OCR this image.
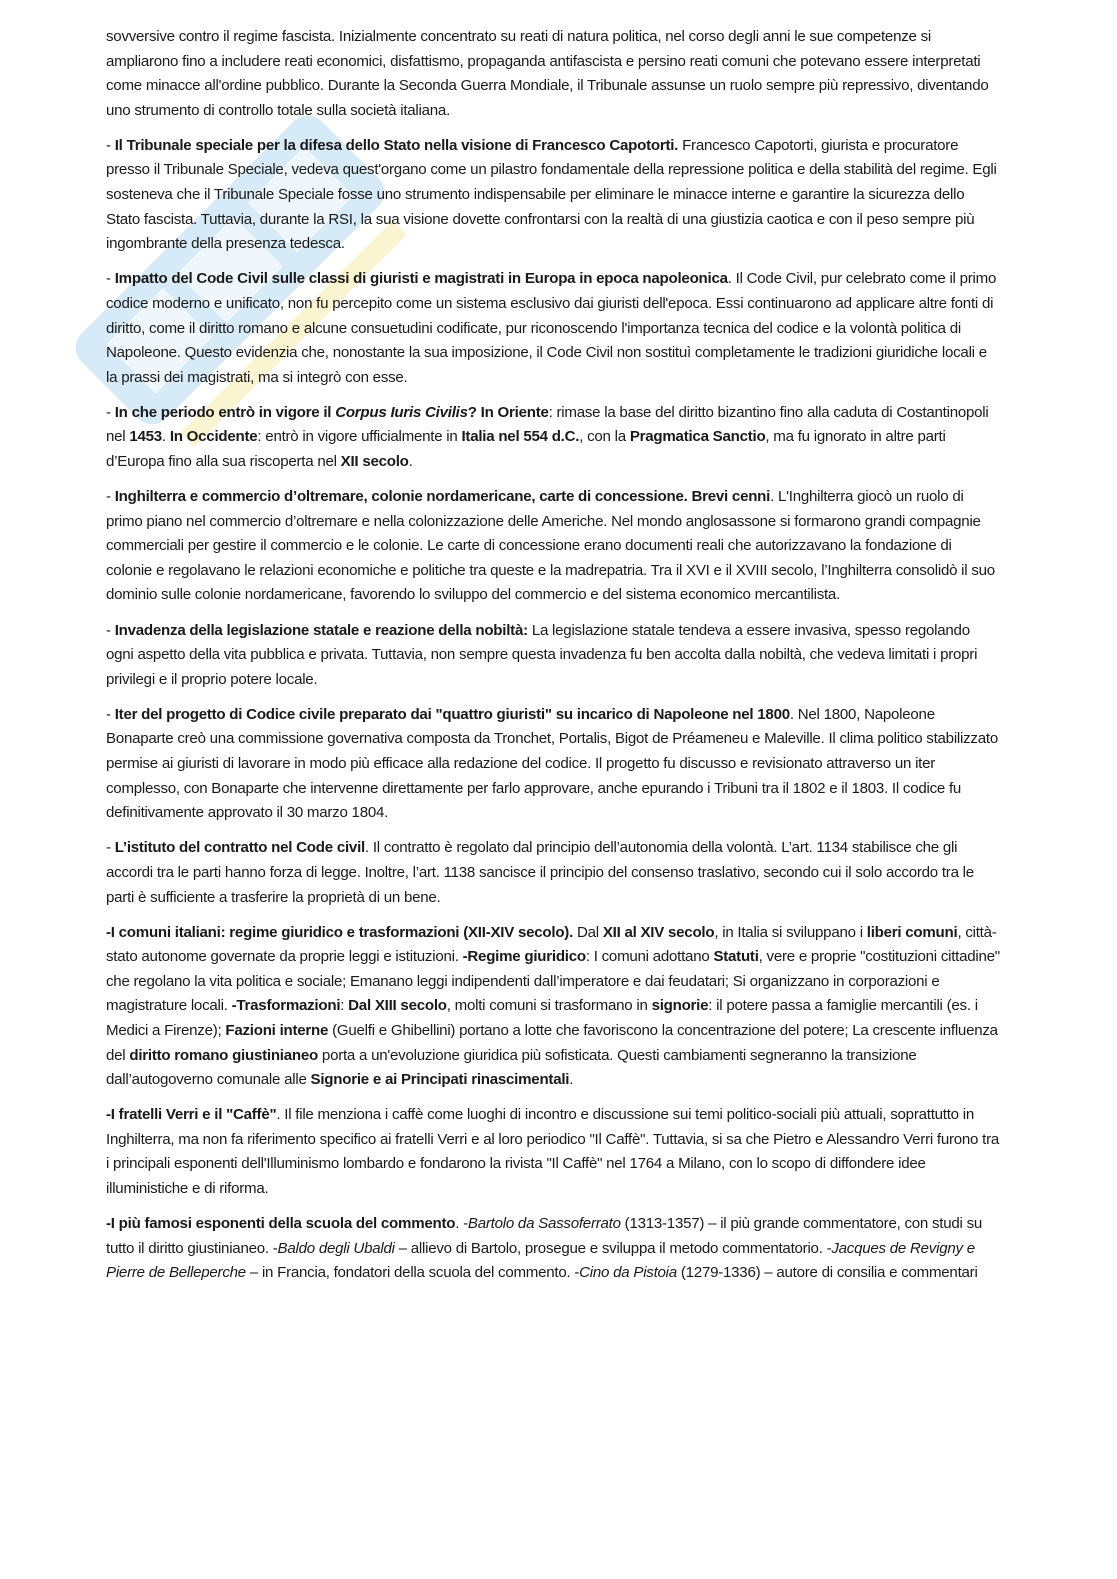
sovversive contro il regime fascista. Inizialmente concentrato su reati di natura politica, nel corso degli anni le sue competenze si ampliarono fino a includere reati economici, disfattismo, propaganda antifascista e persino reati comuni che potevano essere interpretati come minacce all'ordine pubblico. Durante la Seconda Guerra Mondiale, il Tribunale assunse un ruolo sempre più repressivo, diventando uno strumento di controllo totale sulla società italiana.

- Il Tribunale speciale per la difesa dello Stato nella visione di Francesco Capotorti. Francesco Capotorti, giurista e procuratore presso il Tribunale Speciale, vedeva quest'organo come un pilastro fondamentale della repressione politica e della stabilità del regime. Egli sosteneva che il Tribunale Speciale fosse uno strumento indispensabile per eliminare le minacce interne e garantire la sicurezza dello Stato fascista. Tuttavia, durante la RSI, la sua visione dovette confrontarsi con la realtà di una giustizia caotica e con il peso sempre più ingombrante della presenza tedesca.

- Impatto del Code Civil sulle classi di giuristi e magistrati in Europa in epoca napoleonica. Il Code Civil, pur celebrato come il primo codice moderno e unificato, non fu percepito come un sistema esclusivo dai giuristi dell'epoca. Essi continuarono ad applicare altre fonti di diritto, come il diritto romano e alcune consuetudini codificate, pur riconoscendo l'importanza tecnica del codice e la volontà politica di Napoleone. Questo evidenzia che, nonostante la sua imposizione, il Code Civil non sostituì completamente le tradizioni giuridiche locali e la prassi dei magistrati, ma si integrò con esse.

- In che periodo entrò in vigore il Corpus Iuris Civilis? In Oriente: rimase la base del diritto bizantino fino alla caduta di Costantinopoli nel 1453. In Occidente: entrò in vigore ufficialmente in Italia nel 554 d.C., con la Pragmatica Sanctio, ma fu ignorato in altre parti d’Europa fino alla sua riscoperta nel XII secolo.

- Inghilterra e commercio d’oltremare, colonie nordamericane, carte di concessione. Brevi cenni. L'Inghilterra giocò un ruolo di primo piano nel commercio d’oltremare e nella colonizzazione delle Americhe. Nel mondo anglosassone si formarono grandi compagnie commerciali per gestire il commercio e le colonie. Le carte di concessione erano documenti reali che autorizzavano la fondazione di colonie e regolavano le relazioni economiche e politiche tra queste e la madrepatria. Tra il XVI e il XVIII secolo, l’Inghilterra consolidò il suo dominio sulle colonie nordamericane, favorendo lo sviluppo del commercio e del sistema economico mercantilista.

- Invadenza della legislazione statale e reazione della nobiltà: La legislazione statale tendeva a essere invasiva, spesso regolando ogni aspetto della vita pubblica e privata. Tuttavia, non sempre questa invadenza fu ben accolta dalla nobiltà, che vedeva limitati i propri privilegi e il proprio potere locale.

- Iter del progetto di Codice civile preparato dai "quattro giuristi" su incarico di Napoleone nel 1800. Nel 1800, Napoleone Bonaparte creò una commissione governativa composta da Tronchet, Portalis, Bigot de Préameneu e Maleville. Il clima politico stabilizzato permise ai giuristi di lavorare in modo più efficace alla redazione del codice. Il progetto fu discusso e revisionato attraverso un iter complesso, con Bonaparte che intervenne direttamente per farlo approvare, anche epurando i Tribuni tra il 1802 e il 1803. Il codice fu definitivamente approvato il 30 marzo 1804.

- L’istituto del contratto nel Code civil. Il contratto è regolato dal principio dell’autonomia della volontà. L’art. 1134 stabilisce che gli accordi tra le parti hanno forza di legge. Inoltre, l’art. 1138 sancisce il principio del consenso traslativo, secondo cui il solo accordo tra le parti è sufficiente a trasferire la proprietà di un bene.

-I comuni italiani: regime giuridico e trasformazioni (XII-XIV secolo). Dal XII al XIV secolo, in Italia si sviluppano i liberi comuni, città-stato autonome governate da proprie leggi e istituzioni. -Regime giuridico: I comuni adottano Statuti, vere e proprie "costituzioni cittadine" che regolano la vita politica e sociale; Emanano leggi indipendenti dall’imperatore e dai feudatari; Si organizzano in corporazioni e magistrature locali. -Trasformazioni: Dal XIII secolo, molti comuni si trasformano in signorie: il potere passa a famiglie mercantili (es. i Medici a Firenze); Fazioni interne (Guelfi e Ghibellini) portano a lotte che favoriscono la concentrazione del potere; La crescente influenza del diritto romano giustinianeo porta a un'evoluzione giuridica più sofisticata. Questi cambiamenti segneranno la transizione dall’autogoverno comunale alle Signorie e ai Principati rinascimentali.

-I fratelli Verri e il "Caffè". Il file menziona i caffè come luoghi di incontro e discussione sui temi politico-sociali più attuali, soprattutto in Inghilterra, ma non fa riferimento specifico ai fratelli Verri e al loro periodico "Il Caffè". Tuttavia, si sa che Pietro e Alessandro Verri furono tra i principali esponenti dell'Illuminismo lombardo e fondarono la rivista "Il Caffè" nel 1764 a Milano, con lo scopo di diffondere idee illuministiche e di riforma.

-I più famosi esponenti della scuola del commento. -Bartolo da Sassoferrato (1313-1357) – il più grande commentatore, con studi su tutto il diritto giustinianeo. -Baldo degli Ubaldi – allievo di Bartolo, prosegue e sviluppa il metodo commentatorio. -Jacques de Revigny e Pierre de Belleperche – in Francia, fondatori della scuola del commento. -Cino da Pistoia (1279-1336) – autore di consilia e commentari
